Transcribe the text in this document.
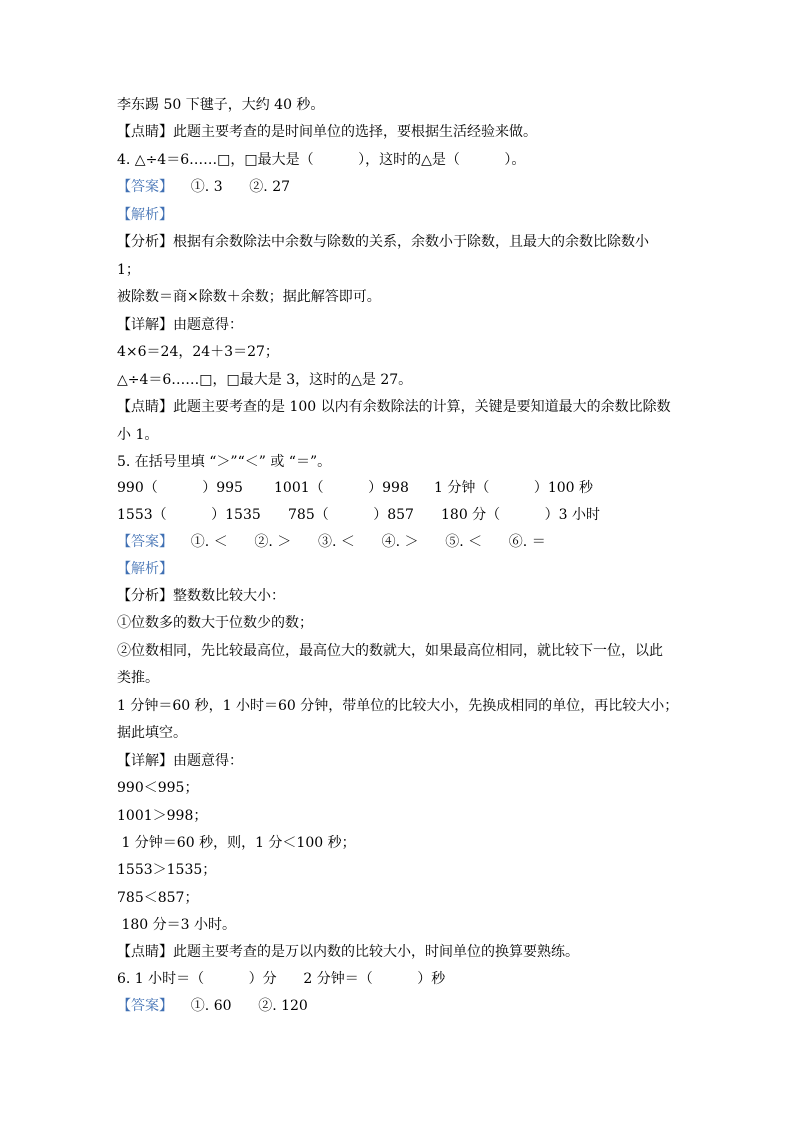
李东踢 50 下毽子，大约 40 秒。
【点睛】此题主要考查的是时间单位的选择，要根据生活经验来做。
4. △÷4＝6……□，□最大是（          ），这时的△是（          ）。
【答案】    ①. 3      ②. 27
【解析】
【分析】根据有余数除法中余数与除数的关系，余数小于除数，且最大的余数比除数小
1；
被除数＝商×除数＋余数；据此解答即可。
【详解】由题意得：
4×6＝24，24＋3＝27；
△÷4＝6……□，□最大是 3，这时的△是 27。
【点睛】此题主要考查的是 100 以内有余数除法的计算，关键是要知道最大的余数比除数
小 1。
5. 在括号里填 “＞”“＜” 或 “＝”。

990（          ）995

1001（          ）998

1 分钟（          ）100 秒

1553（          ）1535

785（          ）857

180 分（          ）3 小时

【答案】    ①. ＜      ②. ＞      ③. ＜      ④. ＞      ⑤. ＜      ⑥. ＝
【解析】
【分析】整数数比较大小：
①位数多的数大于位数少的数；
②位数相同，先比较最高位，最高位大的数就大，如果最高位相同，就比较下一位，以此
类推。
1 分钟＝60 秒，1 小时＝60 分钟，带单位的比较大小，先换成相同的单位，再比较大小；
据此填空。
【详解】由题意得：
990＜995；
1001＞998；
1 分钟＝60 秒，则，1 分＜100 秒；
1553＞1535；
785＜857；
180 分＝3 小时。
【点睛】此题主要考查的是万以内数的比较大小，时间单位的换算要熟练。
6. 1 小时＝（          ）分      2 分钟＝（          ）秒
【答案】    ①. 60      ②. 120
